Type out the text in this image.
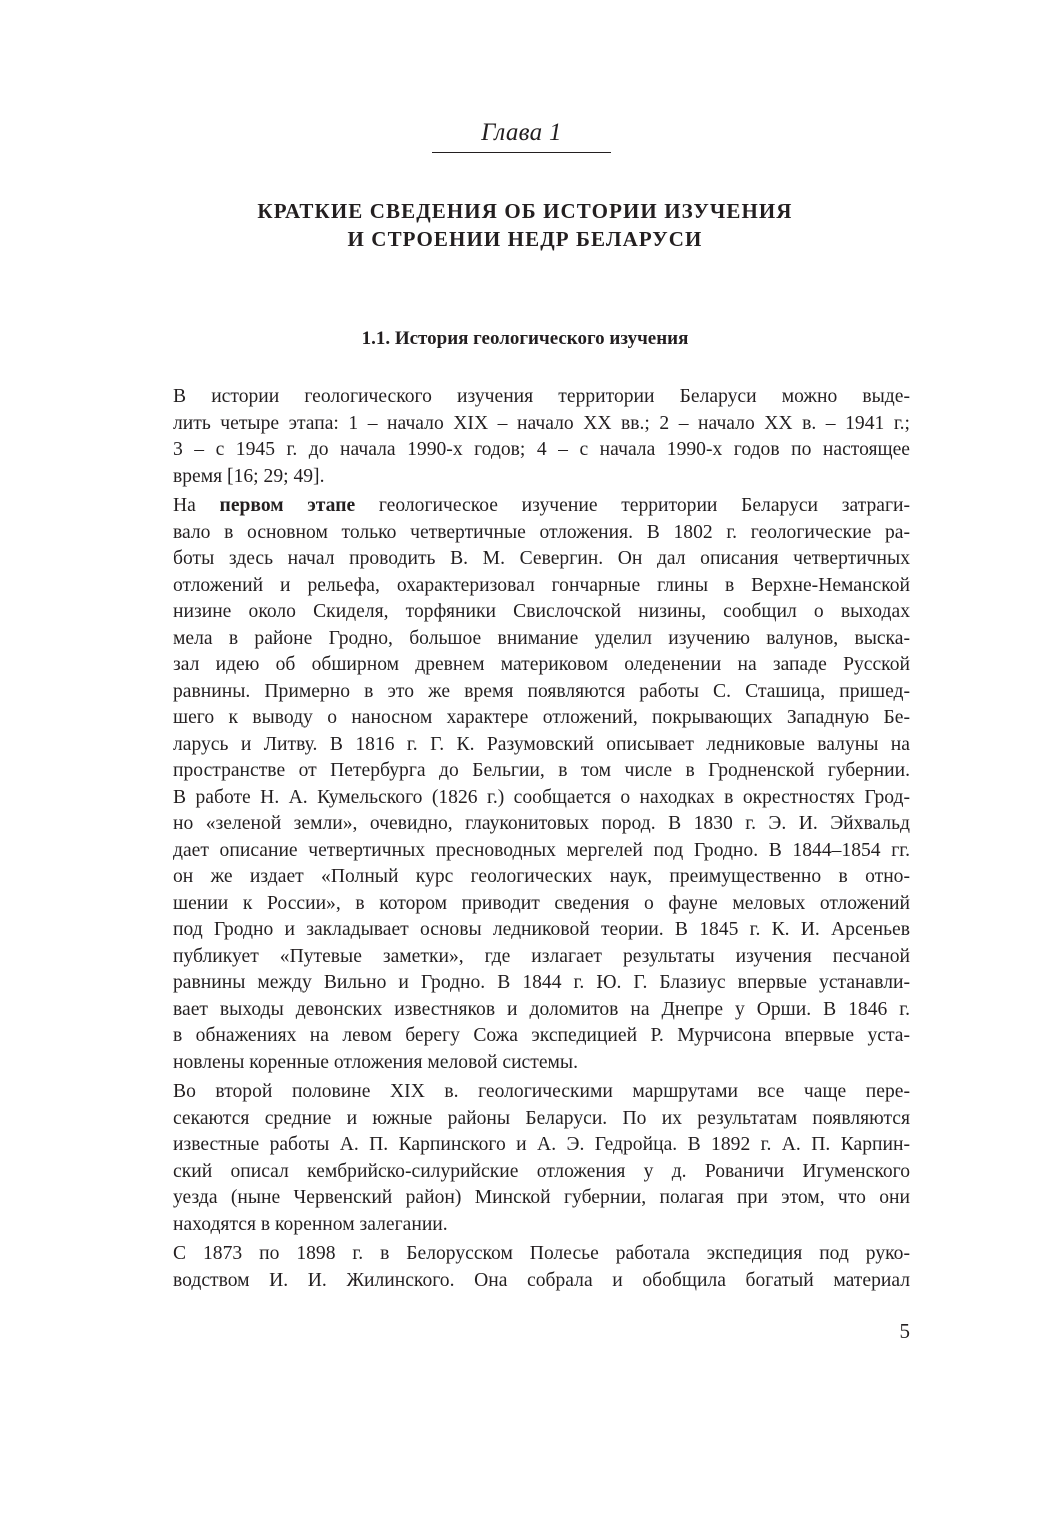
Глава 1
КРАТКИЕ СВЕДЕНИЯ ОБ ИСТОРИИ ИЗУЧЕНИЯ
И СТРОЕНИИ НЕДР БЕЛАРУСИ
1.1. История геологического изучения

В истории геологического изучения территории Беларуси можно выде-
лить четыре этапа: 1 – начало XIX – начало XX вв.; 2 – начало XX в. – 1941 г.;
3 – с 1945 г. до начала 1990-х годов; 4 – с начала 1990-х годов по настоящее
время [16; 29; 49].

На первом этапе геологическое изучение территории Беларуси затраги-
вало в основном только четвертичные отложения. В 1802 г. геологические ра-
боты здесь начал проводить В. М. Севергин. Он дал описания четвертичных
отложений и рельефа, охарактеризовал гончарные глины в Верхне-Неманской
низине около Скиделя, торфяники Свислочской низины, сообщил о выходах
мела в районе Гродно, большое внимание уделил изучению валунов, выска-
зал идею об обширном древнем материковом оледенении на западе Русской
равнины. Примерно в это же время появляются работы С. Сташица, пришед-
шего к выводу о наносном характере отложений, покрывающих Западную Бе-
ларусь и Литву. В 1816 г. Г. К. Разумовский описывает ледниковые валуны на
пространстве от Петербурга до Бельгии, в том числе в Гродненской губернии.
В работе Н. А. Кумельского (1826 г.) сообщается о находках в окрестностях Грод-
но «зеленой земли», очевидно, глауконитовых пород. В 1830 г. Э. И. Эйхвальд
дает описание четвертичных пресноводных мергелей под Гродно. В 1844–1854 гг.
он же издает «Полный курс геологических наук, преимущественно в отно-
шении к России», в котором приводит сведения о фауне меловых отложений
под Гродно и закладывает основы ледниковой теории. В 1845 г. К. И. Арсеньев
публикует «Путевые заметки», где излагает результаты изучения песчаной
равнины между Вильно и Гродно. В 1844 г. Ю. Г. Блазиус впервые устанавли-
вает выходы девонских известняков и доломитов на Днепре у Орши. В 1846 г.
в обнажениях на левом берегу Сожа экспедицией Р. Мурчисона впервые уста-
новлены коренные отложения меловой системы.

Во второй половине XIX в. геологическими маршрутами все чаще пере-
секаются средние и южные районы Беларуси. По их результатам появляются
известные работы А. П. Карпинского и А. Э. Гедройца. В 1892 г. А. П. Карпин-
ский описал кембрийско-силурийские отложения у д. Рованичи Игуменского
уезда (ныне Червенский район) Минской губернии, полагая при этом, что они
находятся в коренном залегании.

С 1873 по 1898 г. в Белорусском Полесье работала экспедиция под руко-
водством И. И. Жилинского. Она собрала и обобщила богатый материал

5
